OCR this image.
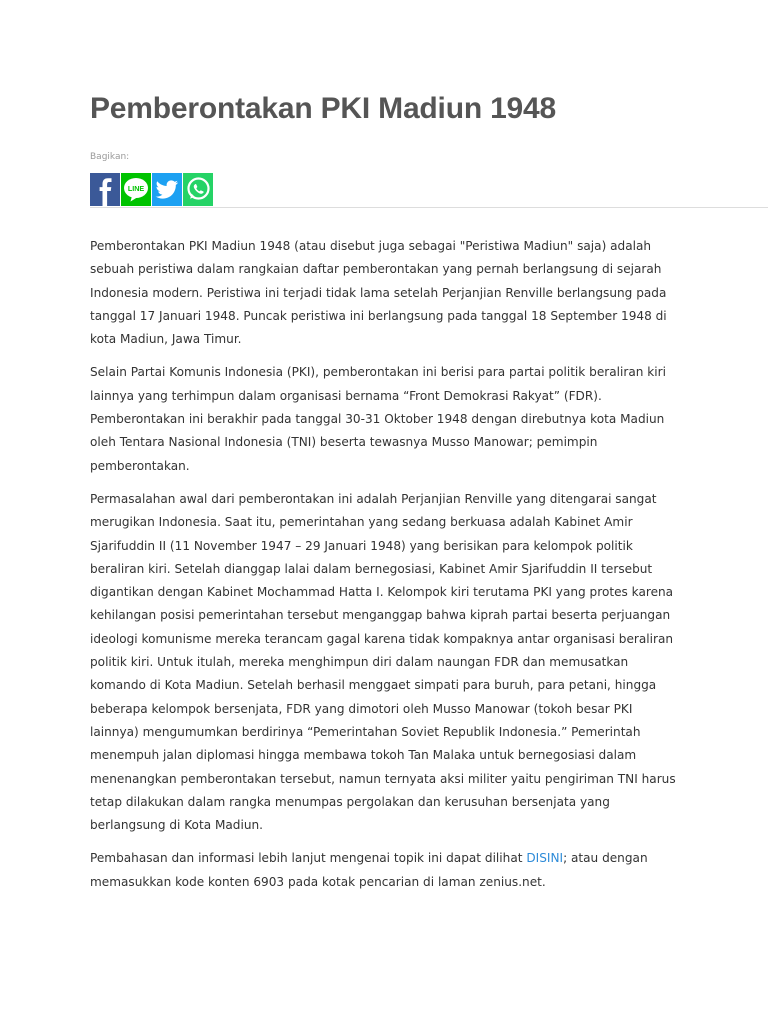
Pemberontakan PKI Madiun 1948
Bagikan:
LINE

Pemberontakan PKI Madiun 1948 (atau disebut juga sebagai "Peristiwa Madiun" saja) adalah sebuah peristiwa dalam rangkaian daftar pemberontakan yang pernah berlangsung di sejarah Indonesia modern. Peristiwa ini terjadi tidak lama setelah Perjanjian Renville berlangsung pada tanggal 17 Januari 1948. Puncak peristiwa ini berlangsung pada tanggal 18 September 1948 di kota Madiun, Jawa Timur.

Selain Partai Komunis Indonesia (PKI), pemberontakan ini berisi para partai politik beraliran kiri lainnya yang terhimpun dalam organisasi bernama “Front Demokrasi Rakyat” (FDR). Pemberontakan ini berakhir pada tanggal 30-31 Oktober 1948 dengan direbutnya kota Madiun oleh Tentara Nasional Indonesia (TNI) beserta tewasnya Musso Manowar; pemimpin pemberontakan.

Permasalahan awal dari pemberontakan ini adalah Perjanjian Renville yang ditengarai sangat merugikan Indonesia. Saat itu, pemerintahan yang sedang berkuasa adalah Kabinet Amir Sjarifuddin II (11 November 1947 – 29 Januari 1948) yang berisikan para kelompok politik beraliran kiri. Setelah dianggap lalai dalam bernegosiasi, Kabinet Amir Sjarifuddin II tersebut digantikan dengan Kabinet Mochammad Hatta I. Kelompok kiri terutama PKI yang protes karena kehilangan posisi pemerintahan tersebut menganggap bahwa kiprah partai beserta perjuangan ideologi komunisme mereka terancam gagal karena tidak kompaknya antar organisasi beraliran politik kiri. Untuk itulah, mereka menghimpun diri dalam naungan FDR dan memusatkan komando di Kota Madiun. Setelah berhasil menggaet simpati para buruh, para petani, hingga beberapa kelompok bersenjata, FDR yang dimotori oleh Musso Manowar (tokoh besar PKI lainnya) mengumumkan berdirinya “Pemerintahan Soviet Republik Indonesia.” Pemerintah menempuh jalan diplomasi hingga membawa tokoh Tan Malaka untuk bernegosiasi dalam menenangkan pemberontakan tersebut, namun ternyata aksi militer yaitu pengiriman TNI harus tetap dilakukan dalam rangka menumpas pergolakan dan kerusuhan bersenjata yang berlangsung di Kota Madiun.

Pembahasan dan informasi lebih lanjut mengenai topik ini dapat dilihat DISINI; atau dengan memasukkan kode konten 6903 pada kotak pencarian di laman zenius.net.
